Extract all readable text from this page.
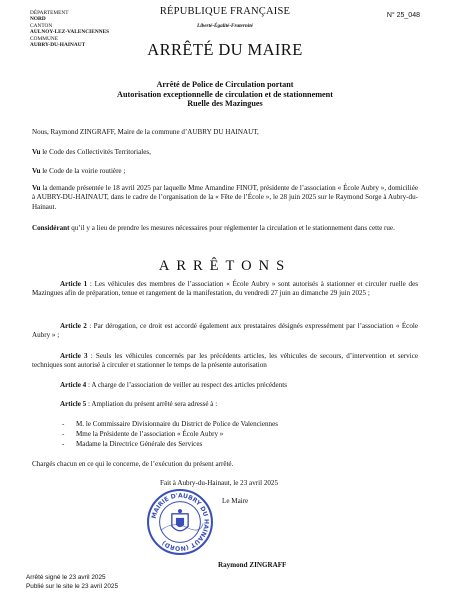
DÉPARTEMENT
NORD
CANTON
AULNOY-LEZ-VALENCIENNES
COMMUNE
AUBRY-DU-HAINAUT
RÉPUBLIQUE FRANÇAISE
Liberté-Égalité-Fraternité
N° 25_048
ARRÊTÉ DU MAIRE
Arrêté de Police de Circulation portant
Autorisation exceptionnelle de circulation et de stationnement
Ruelle des Mazingues
Nous, Raymond ZINGRAFF, Maire de la commune d’AUBRY DU HAINAUT,
Vu le Code des Collectivités Territoriales,
Vu le Code de la voirie routière ;
Vu la demande présentée le 18 avril 2025 par laquelle Mme Amandine FINOT, présidente de l’association « École Aubry », domiciliée à AUBRY-DU-HAINAUT, dans le cadre de l’organisation de la « Fête de l’École », le 28 juin 2025 sur le Raymond Sorge à Aubry-du-Hainaut.
Considérant qu’il y a lieu de prendre les mesures nécessaires pour réglementer la circulation et le stationnement dans cette rue.
ARRÊTONS
Article 1 : Les véhicules des membres de l’association « École Aubry » sont autorisés à stationner et circuler ruelle des Mazingues afin de préparation, tenue et rangement de la manifestation, du vendredi 27 juin au dimanche 29 juin 2025 ;
Article 2 : Par dérogation, ce droit est accordé également aux prestataires désignés expressément par l’association « École Aubry » ;
Article 3 : Seuls les véhicules concernés par les précédents articles, les véhicules de secours, d’intervention et service techniques sont autorisé à circuler et stationner le temps de la présente autorisation
Article 4 : A charge de l’association de veiller au respect des articles précédents
Article 5 : Ampliation du présent arrêté sera adressé à :
-	M. le Commissaire Divisionnaire du District de Police de Valenciennes
-	Mme la Présidente de l’association « École Aubry »
-	Madame la Directrice Générale des Services
Chargés chacun en ce qui le concerne, de l’exécution du présent arrêté.
Fait à Aubry-du-Hainaut, le 23 avril 2025
Le Maire
MAIRIE D'AUBRY DU HAINAUT (NORD)
Raymond ZINGRAFF
Arrêté signé le 23 avril 2025
Publié sur le site le 23 avril 2025
